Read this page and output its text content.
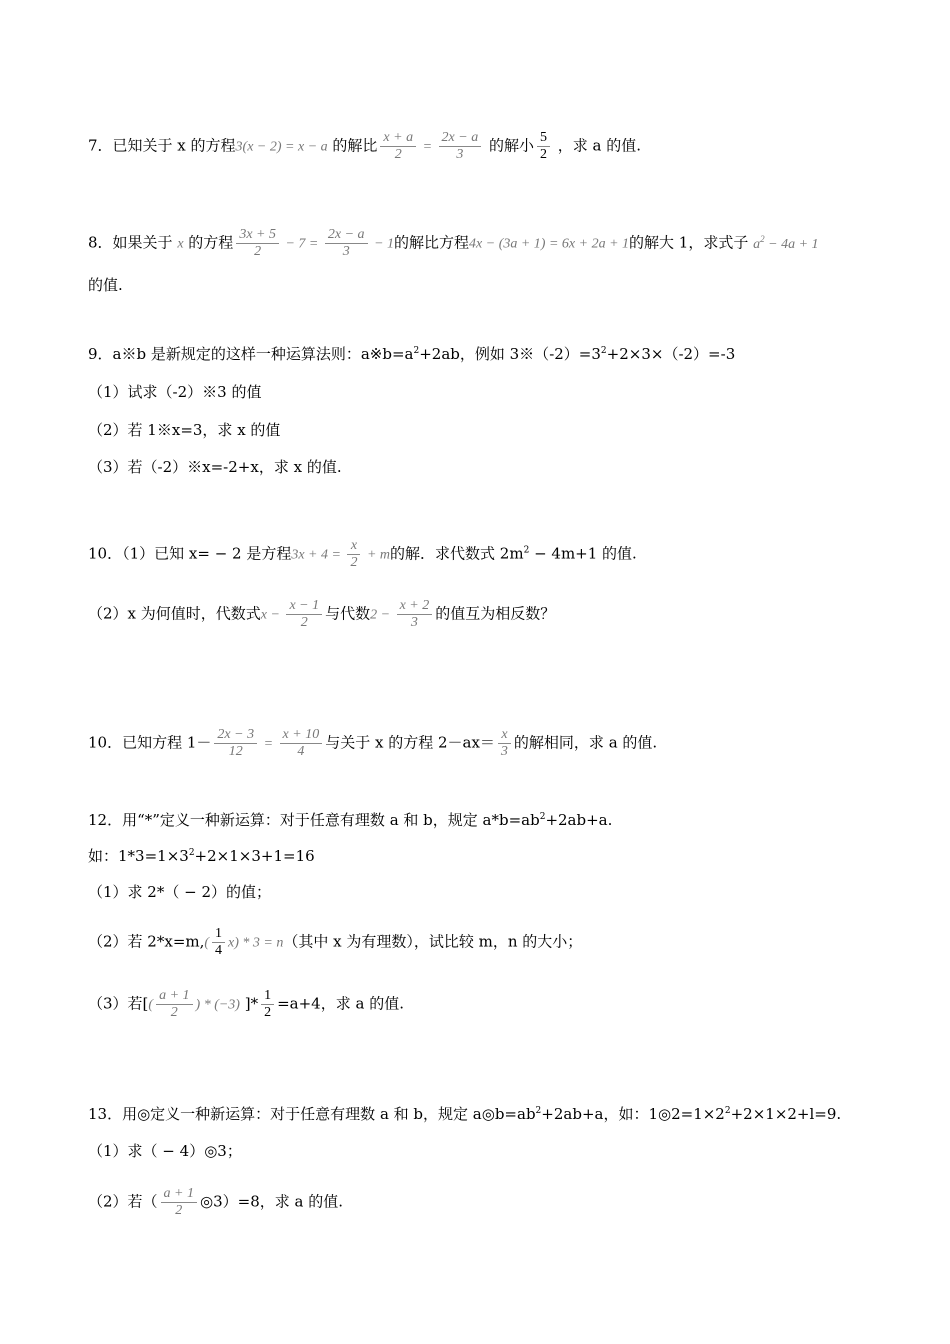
7．已知关于 x 的方程3(x − 2) = x − a 的解比 $\frac{x + a}{2} = \frac{2x - a}{3}$ 的解小 $\frac{5}{2}$ ，求 a 的值.
8．如果关于 x 的方程 $\frac{3x + 5}{2} - 7 = \frac{2x - a}{3} - 1$的解比方程4x − (3a + 1) = 6x + 2a + 1的解大 1，求式子 $a^2 - 4a + 1$
的值.
9．a※b 是新规定的这样一种运算法则：$a※b=a^2+2ab$，例如 $3※(-2)=3^2+2\times 3\times(-2)=-3$
（1）试求（-2）※3 的值
（2）若 1※x=3，求 x 的值
（3）若（-2）※x=-2+x，求 x 的值.
10．（1）已知 x= − 2 是方程$3x + 4 = \frac{x}{2} + m$的解．求代数式 $2m^2 - 4m+1$ 的值.
（2）x 为何值时，代数式$x - \frac{x - 1}{2}$ 与代数$2 - \frac{x + 2}{3}$ 的值互为相反数？
10．已知方程 $1- \frac{2x - 3}{12} = \frac{x + 10}{4}$ 与关于 x 的方程 $2-ax= \frac{x}{3}$ 的解相同，求 a 的值.
12．用“*”定义一种新运算：对于任意有理数 a 和 b，规定 $a*b=ab^2+2ab+a$.
如：$1*3=1\times 3^2+2\times 1\times 3+1=16$
（1）求 2*（ − 2）的值；
（2）若 $2*x=m,( \frac{1}{4} x) * 3 = n$（其中 x 为有理数），试比较 m，n 的大小；
（3）若[( $\frac{a + 1}{2}$ ) * (−3) ]* $\frac{1}{2} =a+4$，求 a 的值.
13．用◎定义一种新运算：对于任意有理数 a 和 b，规定 $a◎b=ab^2+2ab+a$，如：$1◎2=1\times 2^2+2\times 1\times 2+l=9$.
（1）求（ − 4）◎3；
（2）若（ $\frac{a + 1}{2}$ ◎3）=8，求 a 的值.
